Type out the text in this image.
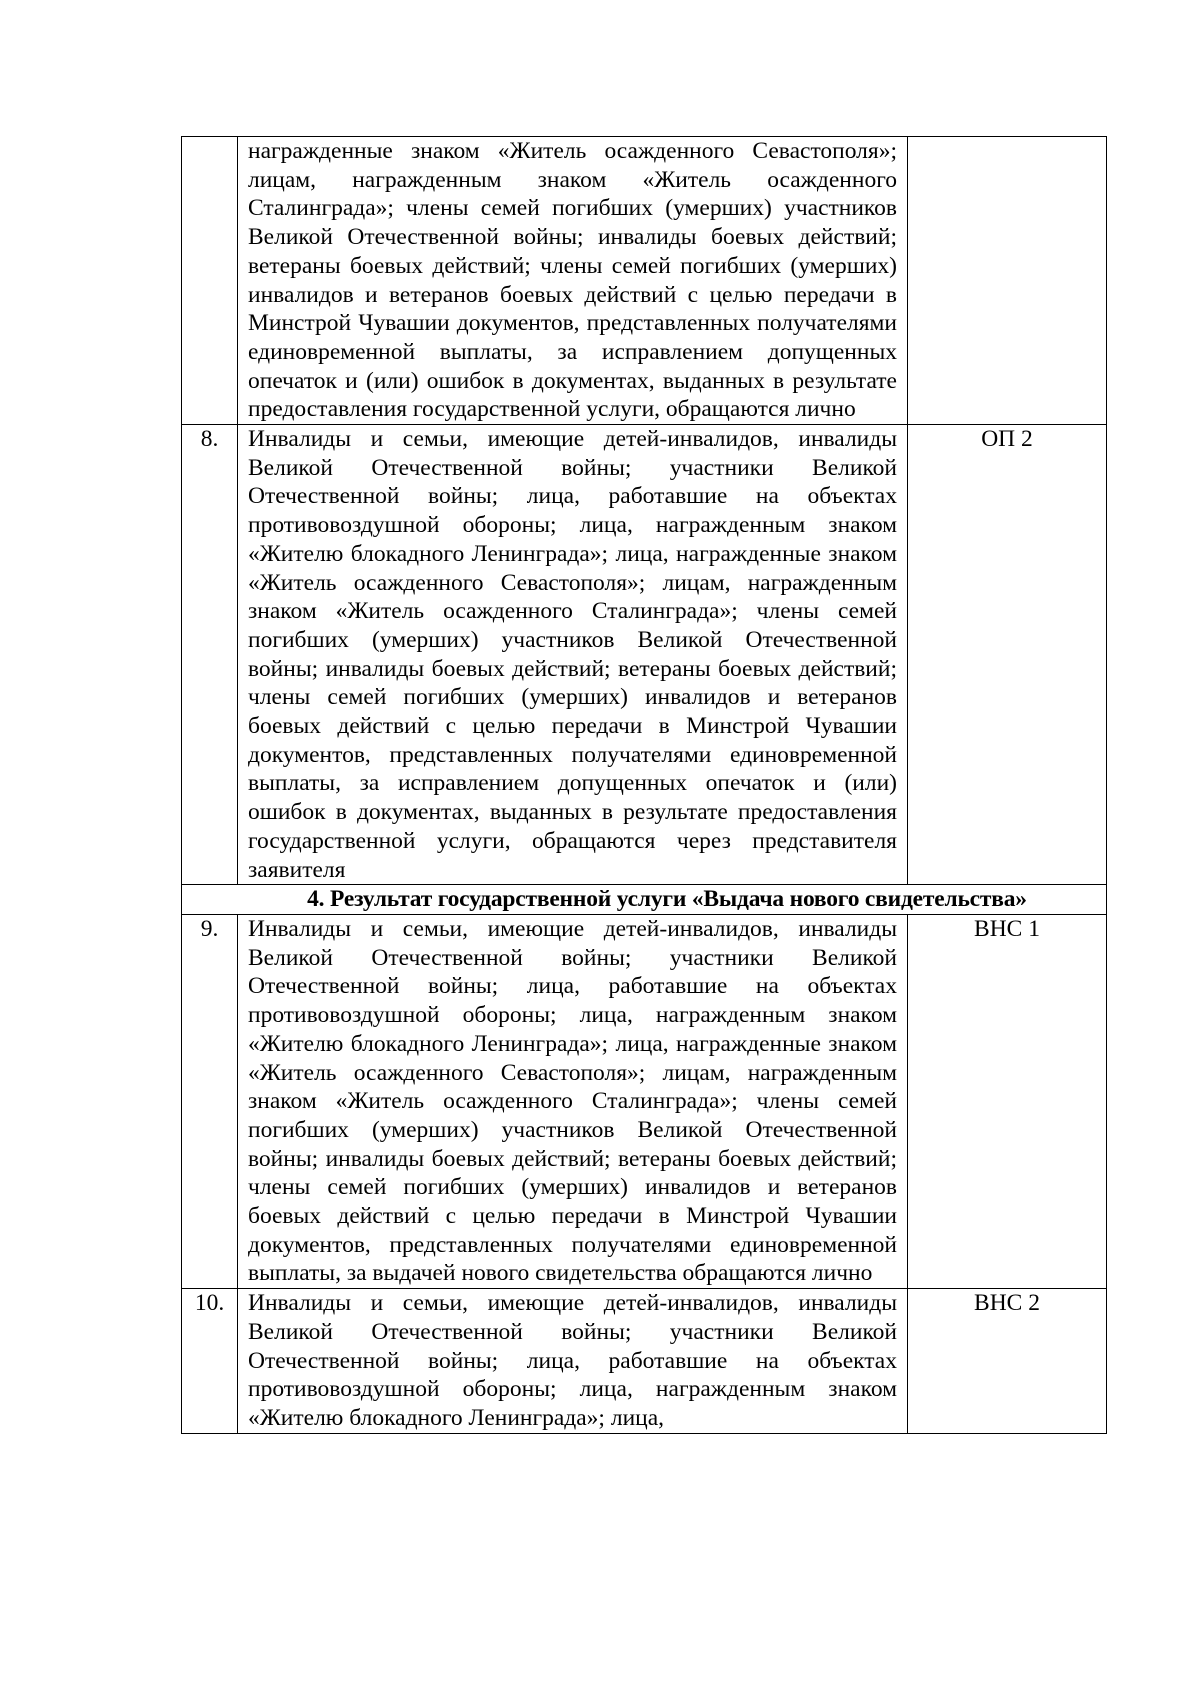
	награжденные знаком «Житель осажденного Севастополя»; лицам, награжденным знаком «Житель осажденного Сталинграда»; члены семей погибших (умерших) участников Великой Отечественной войны; инвалиды боевых действий; ветераны боевых действий; члены семей погибших (умерших) инвалидов и ветеранов боевых действий с целью передачи в Минстрой Чувашии документов, представленных получателями единовременной выплаты, за исправлением допущенных опечаток и (или) ошибок в документах, выданных в результате предоставления государственной услуги, обращаются лично	
8.	Инвалиды и семьи, имеющие детей-инвалидов, инвалиды Великой Отечественной войны; участники Великой Отечественной войны; лица, работавшие на объектах противовоздушной обороны; лица, награжденным знаком «Жителю блокадного Ленинграда»; лица, награжденные знаком «Житель осажденного Севастополя»; лицам, награжденным знаком «Житель осажденного Сталинграда»; члены семей погибших (умерших) участников Великой Отечественной войны; инвалиды боевых действий; ветераны боевых действий; члены семей погибших (умерших) инвалидов и ветеранов боевых действий с целью передачи в Минстрой Чувашии документов, представленных получателями единовременной выплаты, за исправлением допущенных опечаток и (или) ошибок в документах, выданных в результате предоставления государственной услуги, обращаются через представителя заявителя	ОП 2
4. Результат государственной услуги «Выдача нового свидетельства»		
9.	Инвалиды и семьи, имеющие детей-инвалидов, инвалиды Великой Отечественной войны; участники Великой Отечественной войны; лица, работавшие на объектах противовоздушной обороны; лица, награжденным знаком «Жителю блокадного Ленинграда»; лица, награжденные знаком «Житель осажденного Севастополя»; лицам, награжденным знаком «Житель осажденного Сталинграда»; члены семей погибших (умерших) участников Великой Отечественной войны; инвалиды боевых действий; ветераны боевых действий; члены семей погибших (умерших) инвалидов и ветеранов боевых действий с целью передачи в Минстрой Чувашии документов, представленных получателями единовременной выплаты, за выдачей нового свидетельства обращаются лично	ВНС 1
10.	Инвалиды и семьи, имеющие детей-инвалидов, инвалиды Великой Отечественной войны; участники Великой Отечественной войны; лица, работавшие на объектах противовоздушной обороны; лица, награжденным знаком «Жителю блокадного Ленинграда»; лица,	ВНС 2
